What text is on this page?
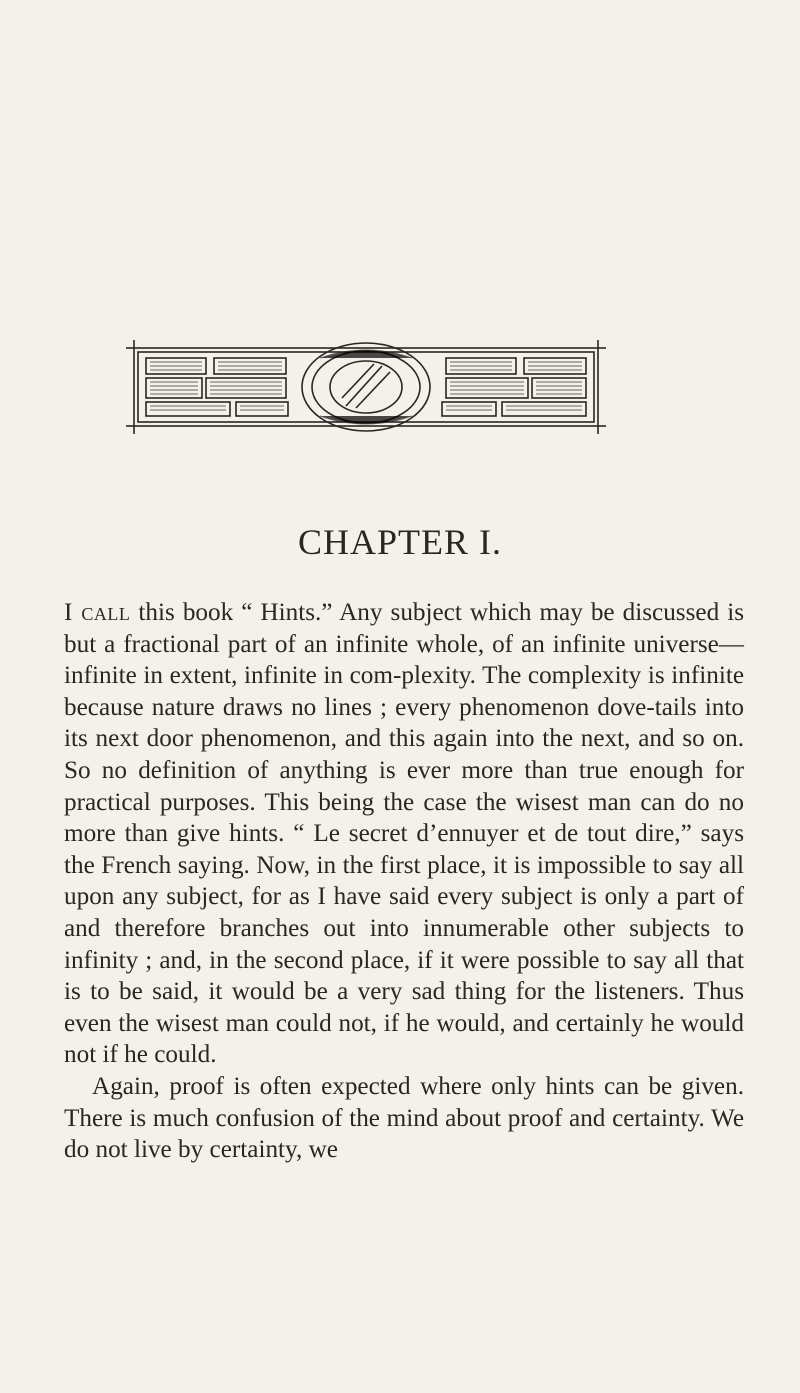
CHAPTER I.

I call this book “ Hints.” Any subject which may be discussed is but a fractional part of an infinite whole, of an infinite universe—infinite in extent, infinite in com-plexity. The complexity is infinite because nature draws no lines ; every phenomenon dove-tails into its next door phenomenon, and this again into the next, and so on. So no definition of anything is ever more than true enough for practical purposes. This being the case the wisest man can do no more than give hints. “ Le secret d’ennuyer et de tout dire,” says the French saying. Now, in the first place, it is impossible to say all upon any subject, for as I have said every subject is only a part of and therefore branches out into innumerable other subjects to infinity ; and, in the second place, if it were possible to say all that is to be said, it would be a very sad thing for the listeners. Thus even the wisest man could not, if he would, and certainly he would not if he could.

Again, proof is often expected where only hints can be given. There is much confusion of the mind about proof and certainty. We do not live by certainty, we
